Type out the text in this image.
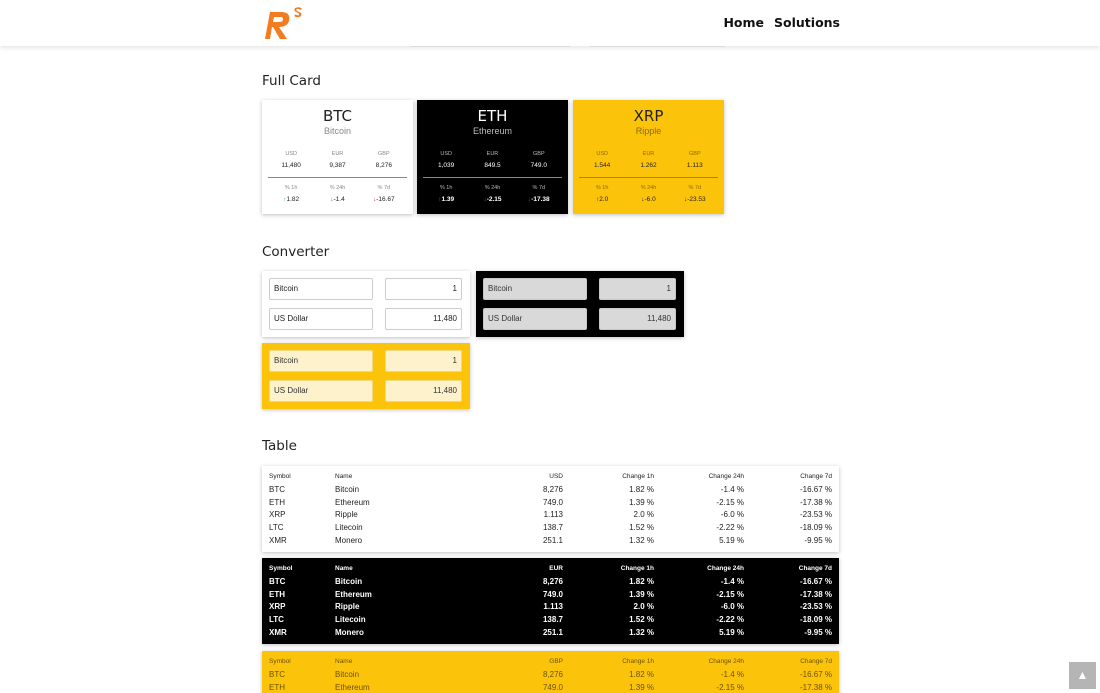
Home Solutions
Full Card
BTC
Bitcoin
USD	EUR	GBP
11,480	9,387	8,276
% 1h	% 24h	% 7d
↑1.82	↓-1.4	↓-16.67
ETH
Ethereum
USD	EUR	GBP
1,039	849.5	749.0
% 1h	% 24h	% 7d
↑1.39	↓-2.15	↓-17.38
XRP
Ripple
USD	EUR	GBP
1.544	1.262	1.113
% 1h	% 24h	% 7d
↑2.0	↓-6.0	↓-23.53
Converter
Bitcoin	1
US Dollar	11,480
Bitcoin	1
US Dollar	11,480
Bitcoin	1
US Dollar	11,480
Table
Symbol	Name	USD	Change 1h	Change 24h	Change 7d
BTC	Bitcoin	8,276	1.82 %	-1.4 %	-16.67 %
ETH	Ethereum	749.0	1.39 %	-2.15 %	-17.38 %
XRP	Ripple	1.113	2.0 %	-6.0 %	-23.53 %
LTC	Litecoin	138.7	1.52 %	-2.22 %	-18.09 %
XMR	Monero	251.1	1.32 %	5.19 %	-9.95 %
Symbol	Name	EUR	Change 1h	Change 24h	Change 7d
BTC	Bitcoin	8,276	1.82 %	-1.4 %	-16.67 %
ETH	Ethereum	749.0	1.39 %	-2.15 %	-17.38 %
XRP	Ripple	1.113	2.0 %	-6.0 %	-23.53 %
LTC	Litecoin	138.7	1.52 %	-2.22 %	-18.09 %
XMR	Monero	251.1	1.32 %	5.19 %	-9.95 %
Symbol	Name	GBP	Change 1h	Change 24h	Change 7d
BTC	Bitcoin	8,276	1.82 %	-1.4 %	-16.67 %
ETH	Ethereum	749.0	1.39 %	-2.15 %	-17.38 %
▲
